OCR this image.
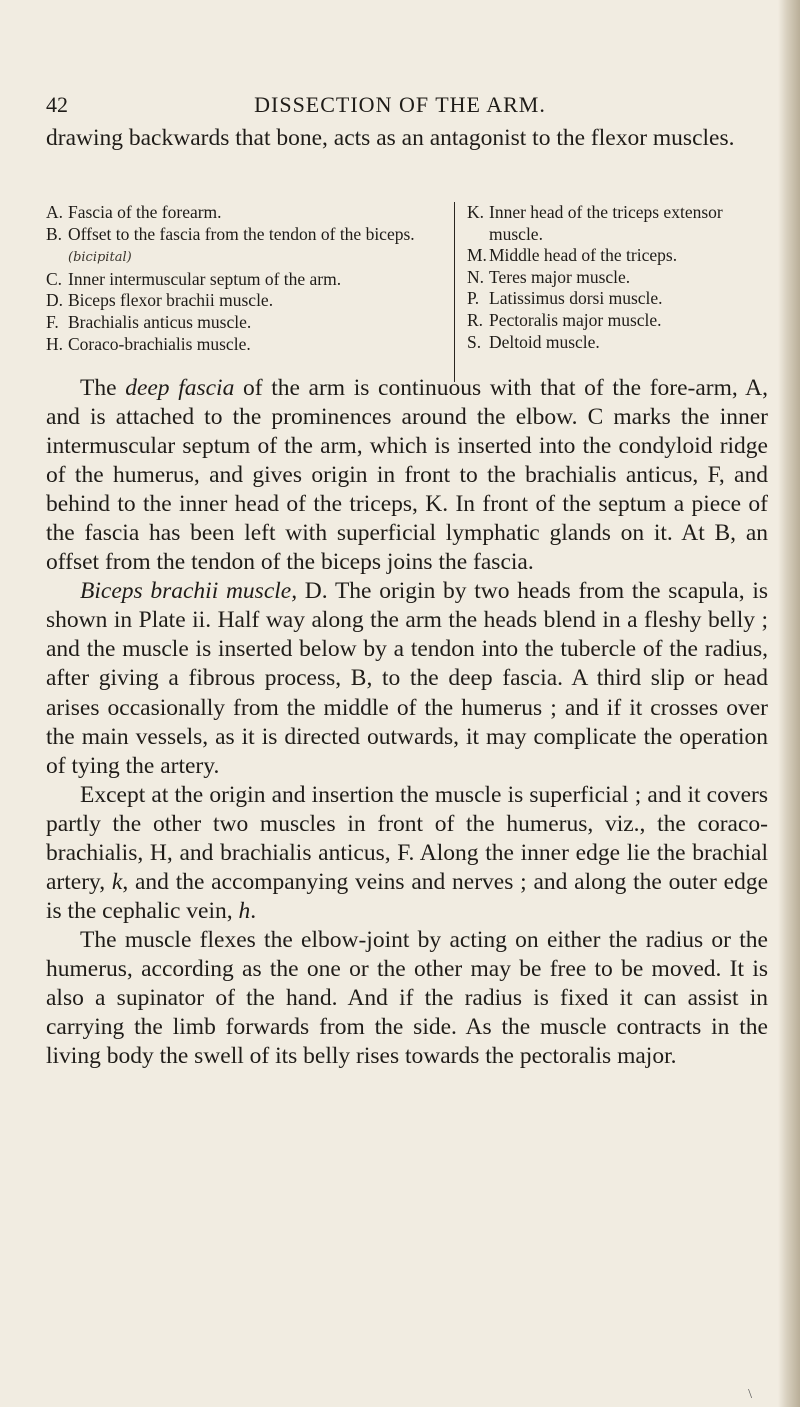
42	DISSECTION OF THE ARM.

drawing backwards that bone, acts as an antagonist to the flexor muscles.

A. Fascia of the forearm.
B. Offset to the fascia from the tendon of the biceps. (bicipital)
C. Inner intermuscular septum of the arm.
D. Biceps flexor brachii muscle.
F. Brachialis anticus muscle.
H. Coraco-brachialis muscle.
K. Inner head of the triceps extensor muscle.
M. Middle head of the triceps.
N. Teres major muscle.
P. Latissimus dorsi muscle.
R. Pectoralis major muscle.
S. Deltoid muscle.

The deep fascia of the arm is continuous with that of the fore-arm, A, and is attached to the prominences around the elbow. C marks the inner intermuscular septum of the arm, which is inserted into the condyloid ridge of the humerus, and gives origin in front to the brachialis anticus, F, and behind to the inner head of the triceps, K. In front of the septum a piece of the fascia has been left with superficial lymphatic glands on it. At B, an offset from the tendon of the biceps joins the fascia.

Biceps brachii muscle, D. The origin by two heads from the scapula, is shown in Plate ii. Half way along the arm the heads blend in a fleshy belly ; and the muscle is inserted below by a tendon into the tubercle of the radius, after giving a fibrous process, B, to the deep fascia. A third slip or head arises occasionally from the middle of the humerus ; and if it crosses over the main vessels, as it is directed outwards, it may complicate the operation of tying the artery.

Except at the origin and insertion the muscle is superficial ; and it covers partly the other two muscles in front of the humerus, viz., the coraco-brachialis, H, and brachialis anticus, F. Along the inner edge lie the brachial artery, k, and the accompanying veins and nerves ; and along the outer edge is the cephalic vein, h.

The muscle flexes the elbow-joint by acting on either the radius or the humerus, according as the one or the other may be free to be moved. It is also a supinator of the hand. And if the radius is fixed it can assist in carrying the limb forwards from the side. As the muscle contracts in the living body the swell of its belly rises towards the pectoralis major.

\
